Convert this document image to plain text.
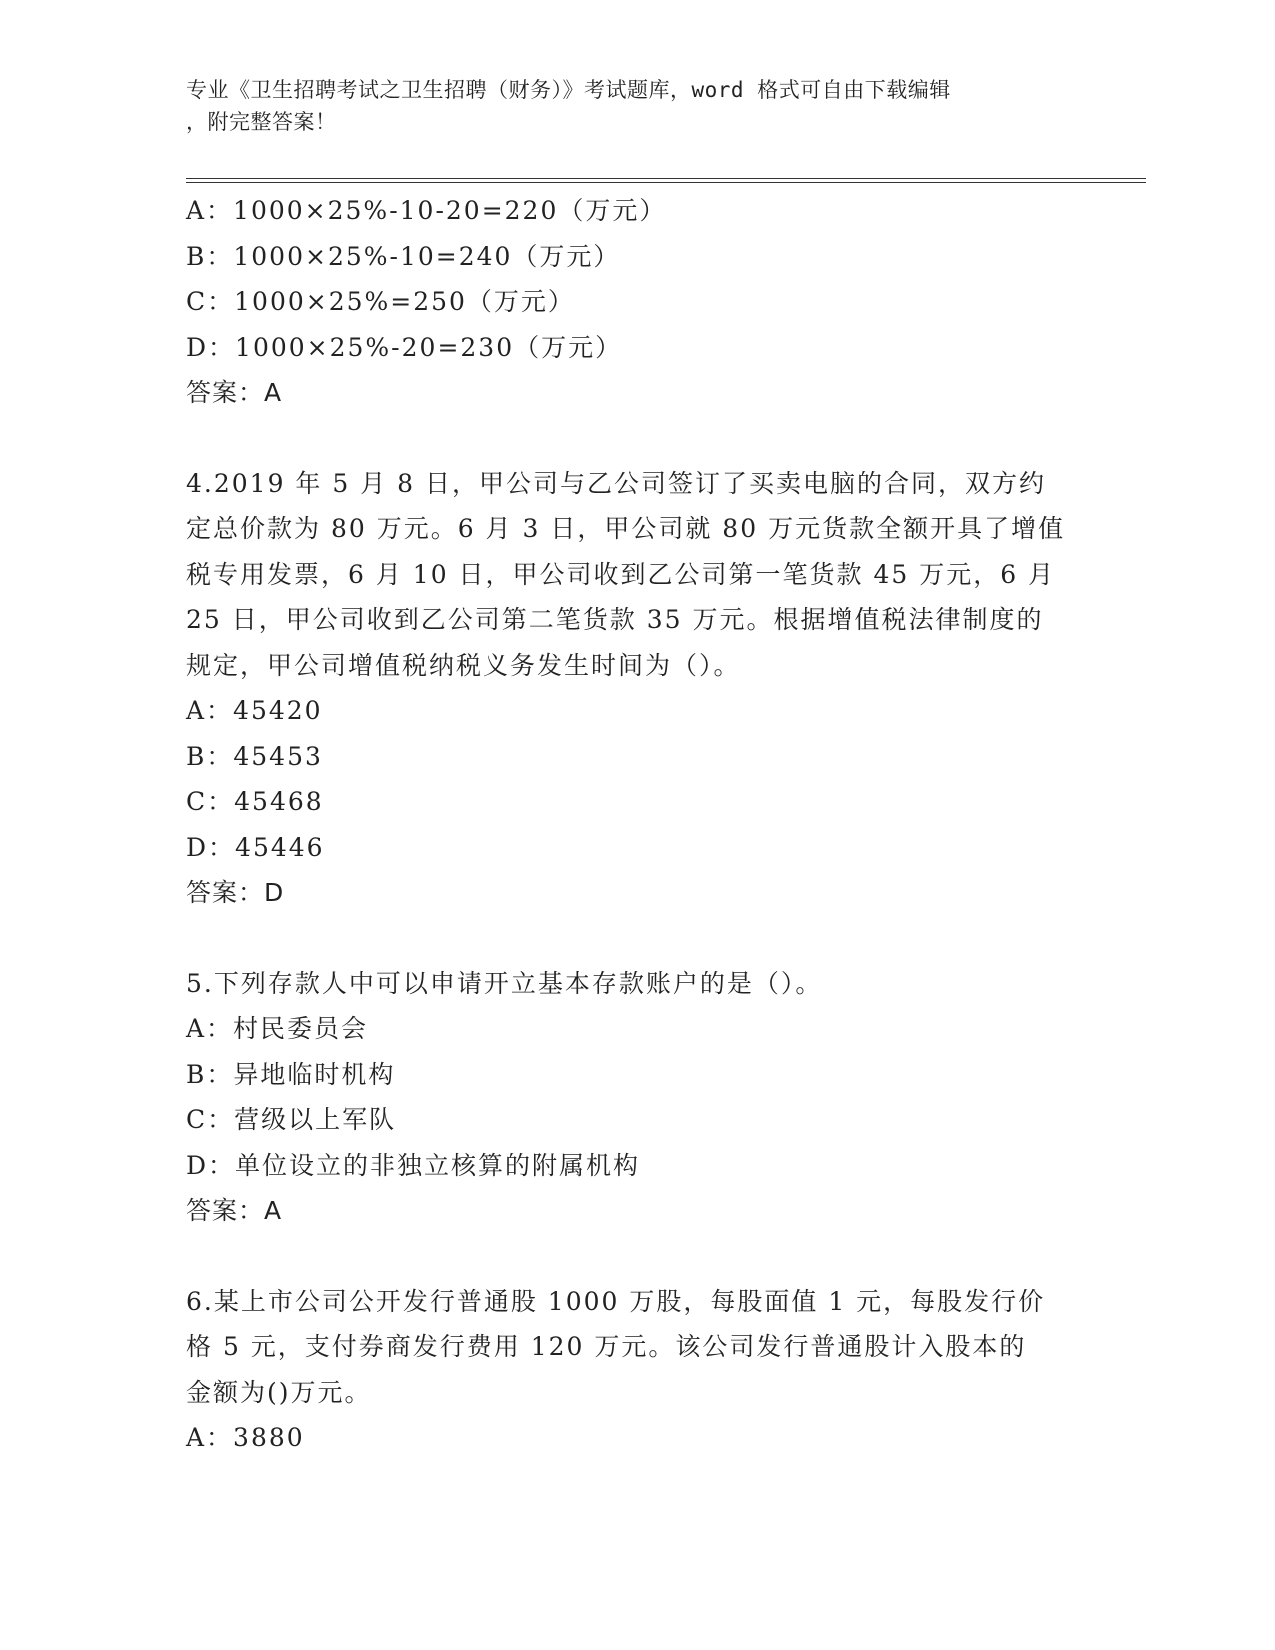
专业《卫生招聘考试之卫生招聘（财务）》考试题库，word 格式可自由下载编辑
，附完整答案！

A：1000×25%-10-20=220（万元）

B：1000×25%-10=240（万元）

C：1000×25%=250（万元）

D：1000×25%-20=230（万元）

答案：A

4.2019 年 5 月 8 日，甲公司与乙公司签订了买卖电脑的合同，双方约

定总价款为 80 万元。6 月 3 日，甲公司就 80 万元货款全额开具了增值

税专用发票，6 月 10 日，甲公司收到乙公司第一笔货款 45 万元，6 月

25 日，甲公司收到乙公司第二笔货款 35 万元。根据增值税法律制度的

规定，甲公司增值税纳税义务发生时间为（）。

A：45420

B：45453

C：45468

D：45446

答案：D

5.下列存款人中可以申请开立基本存款账户的是（）。

A：村民委员会

B：异地临时机构

C：营级以上军队

D：单位设立的非独立核算的附属机构

答案：A

6.某上市公司公开发行普通股 1000 万股，每股面值 1 元，每股发行价

格 5 元，支付券商发行费用 120 万元。该公司发行普通股计入股本的

金额为()万元。

A：3880
